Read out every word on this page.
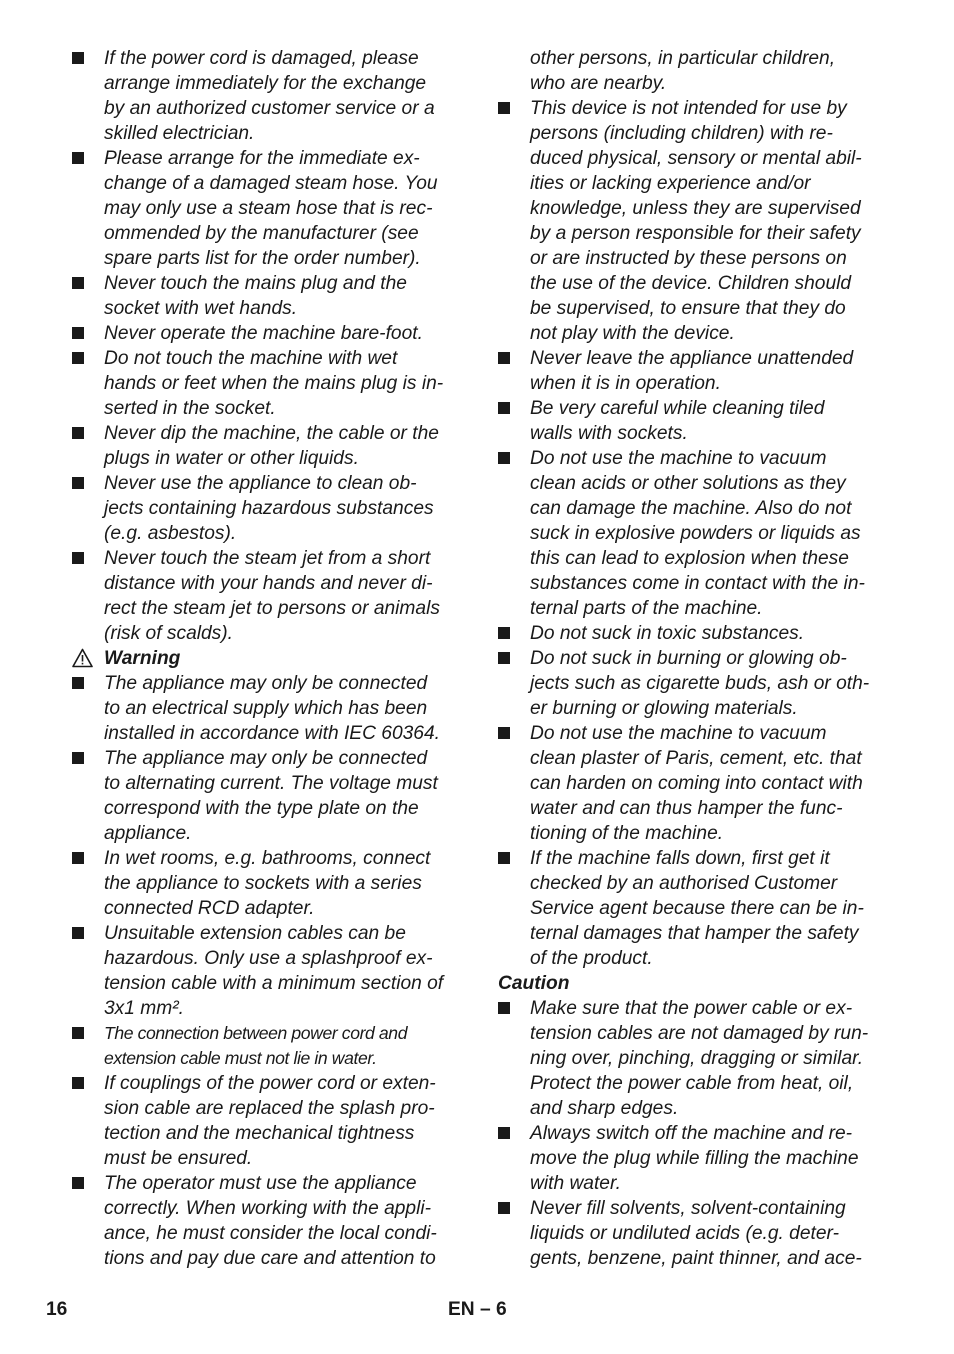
If the power cord is damaged, please
arrange immediately for the exchange
by an authorized customer service or a
skilled electrician.
Please arrange for the immediate ex-
change of a damaged steam hose. You
may only use a steam hose that is rec-
ommended by the manufacturer (see
spare parts list for the order number).
Never touch the mains plug and the
socket with wet hands.
Never operate the machine bare-foot.
Do not touch the machine with wet
hands or feet when the mains plug is in-
serted in the socket.
Never dip the machine, the cable or the
plugs in water or other liquids.
Never use the appliance to clean ob-
jects containing hazardous substances
(e.g. asbestos).
Never touch the steam jet from a short
distance with your hands and never di-
rect the steam jet to persons or animals
(risk of scalds).
Warning
The appliance may only be connected
to an electrical supply which has been
installed in accordance with IEC 60364.
The appliance may only be connected
to alternating current. The voltage must
correspond with the type plate on the
appliance.
In wet rooms, e.g. bathrooms, connect
the appliance to sockets with a series
connected RCD adapter.
Unsuitable extension cables can be
hazardous. Only use a splashproof ex-
tension cable with a minimum section of
3x1 mm².
The connection between power cord and
extension cable must not lie in water.
If couplings of the power cord or exten-
sion cable are replaced the splash pro-
tection and the mechanical tightness
must be ensured.
The operator must use the appliance
correctly. When working with the appli-
ance, he must consider the local condi-
tions and pay due care and attention to
other persons, in particular children,
who are nearby.
This device is not intended for use by
persons (including children) with re-
duced physical, sensory or mental abil-
ities or lacking experience and/or
knowledge, unless they are supervised
by a person responsible for their safety
or are instructed by these persons on
the use of the device. Children should
be supervised, to ensure that they do
not play with the device.
Never leave the appliance unattended
when it is in operation.
Be very careful while cleaning tiled
walls with sockets.
Do not use the machine to vacuum
clean acids or other solutions as they
can damage the machine. Also do not
suck in explosive powders or liquids as
this can lead to explosion when these
substances come in contact with the in-
ternal parts of the machine.
Do not suck in toxic substances.
Do not suck in burning or glowing ob-
jects such as cigarette buds, ash or oth-
er burning or glowing materials.
Do not use the machine to vacuum
clean plaster of Paris, cement, etc. that
can harden on coming into contact with
water and can thus hamper the func-
tioning of the machine.
If the machine falls down, first get it
checked by an authorised Customer
Service agent because there can be in-
ternal damages that hamper the safety
of the product.
Caution
Make sure that the power cable or ex-
tension cables are not damaged by run-
ning over, pinching, dragging or similar.
Protect the power cable from heat, oil,
and sharp edges.
Always switch off the machine and re-
move the plug while filling the machine
with water.
Never fill solvents, solvent-containing
liquids or undiluted acids (e.g. deter-
gents, benzene, paint thinner, and ace-
16	EN – 6
